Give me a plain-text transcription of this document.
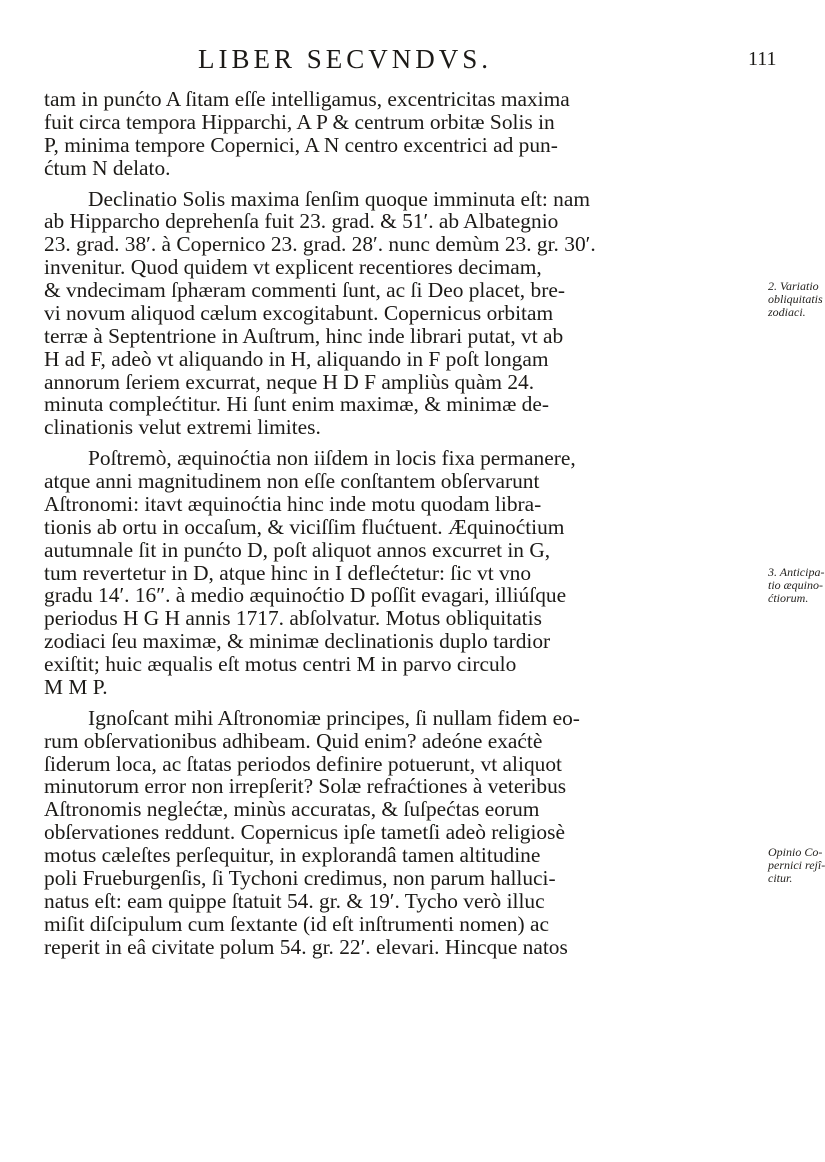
LIBER SECVNDVS.	111
tam in punćto A ſitam eſſe intelligamus, excentricitas maxima
fuit circa tempora Hipparchi, A P & centrum orbitæ Solis in
P, minima tempore Copernici, A N centro excentrici ad pun-
ćtum N delato.
Declinatio Solis maxima ſenſim quoque imminuta eſt: nam
ab Hipparcho deprehenſa fuit 23. grad. & 51′. ab Albategnio
23. grad. 38′. à Copernico 23. grad. 28′. nunc demùm 23. gr. 30′.
invenitur. Quod quidem vt explicent recentiores decimam,
& vndecimam ſphæram commenti ſunt, ac ſi Deo placet, bre-
vi novum aliquod cælum excogitabunt. Copernicus orbitam
terræ à Septentrione in Auſtrum, hinc inde librari putat, vt ab
H ad F, adeò vt aliquando in H, aliquando in F poſt longam
annorum ſeriem excurrat, neque H D F ampliùs quàm 24.
minuta complećtitur. Hi ſunt enim maximæ, & minimæ de-
clinationis velut extremi limites.
Poſtremò, æquinoćtia non iiſdem in locis fixa permanere,
atque anni magnitudinem non eſſe conſtantem obſervarunt
Aſtronomi: itavt æquinoćtia hinc inde motu quodam libra-
tionis ab ortu in occaſum, & viciſſim flućtuent. Æquinoćtium
autumnale ſit in punćto D, poſt aliquot annos excurret in G,
tum revertetur in D, atque hinc in I deflećtetur: ſic vt vno
gradu 14′. 16″. à medio æquinoćtio D poſſit evagari, illiúſque
periodus H G H annis 1717. abſolvatur. Motus obliquitatis
zodiaci ſeu maximæ, & minimæ declinationis duplo tardior
exiſtit; huic æqualis eſt motus centri M in parvo circulo
M M P.
Ignoſcant mihi Aſtronomiæ principes, ſi nullam fidem eo-
rum obſervationibus adhibeam. Quid enim? adeóne exaćtè
ſiderum loca, ac ſtatas periodos definire potuerunt, vt aliquot
minutorum error non irrepſerit? Solæ refraćtiones à veteribus
Aſtronomis neglećtæ, minùs accuratas, & ſuſpećtas eorum
obſervationes reddunt. Copernicus ipſe tametſi adeò religiosè
motus cæleſtes perſequitur, in explorandâ tamen altitudine
poli Frueburgenſis, ſi Tychoni credimus, non parum halluci-
natus eſt: eam quippe ſtatuit 54. gr. & 19′. Tycho verò illuc
miſit diſcipulum cum ſextante (id eſt inſtrumenti nomen) ac
reperit in eâ civitate polum 54. gr. 22′. elevari. Hincque natos
2. Variatio
obliquitatis
zodiaci.
3. Anticipa-
tio æquino-
ćtiorum.
Opinio Co-
pernici rejî-
citur.
